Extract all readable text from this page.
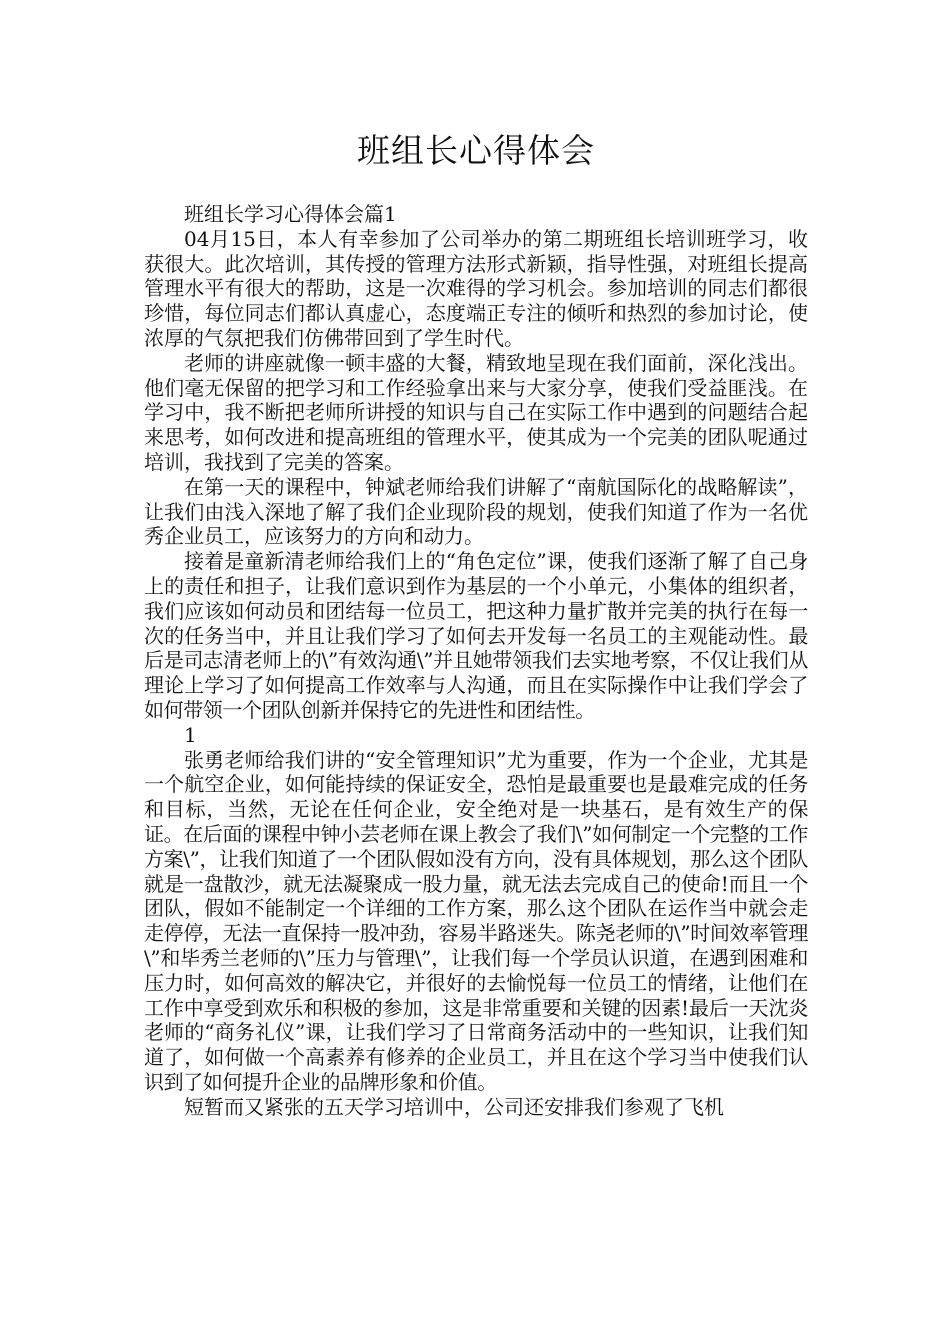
班组长心得体会

班组长学习心得体会篇1

04月15日，本人有幸参加了公司举办的第二期班组长培训班学习，收获很大。此次培训，其传授的管理方法形式新颖，指导性强，对班组长提高管理水平有很大的帮助，这是一次难得的学习机会。参加培训的同志们都很珍惜，每位同志们都认真虚心，态度端正专注的倾听和热烈的参加讨论，使浓厚的气氛把我们仿佛带回到了学生时代。

老师的讲座就像一顿丰盛的大餐，精致地呈现在我们面前，深化浅出。他们毫无保留的把学习和工作经验拿出来与大家分享，使我们受益匪浅。在学习中，我不断把老师所讲授的知识与自己在实际工作中遇到的问题结合起来思考，如何改进和提高班组的管理水平，使其成为一个完美的团队呢通过培训，我找到了完美的答案。

在第一天的课程中，钟斌老师给我们讲解了“南航国际化的战略解读”，让我们由浅入深地了解了我们企业现阶段的规划，使我们知道了作为一名优秀企业员工，应该努力的方向和动力。

接着是童新清老师给我们上的“角色定位”课，使我们逐渐了解了自己身上的责任和担子，让我们意识到作为基层的一个小单元，小集体的组织者，我们应该如何动员和团结每一位员工，把这种力量扩散并完美的执行在每一次的任务当中，并且让我们学习了如何去开发每一名员工的主观能动性。最后是司志清老师上的\”有效沟通\”并且她带领我们去实地考察，不仅让我们从理论上学习了如何提高工作效率与人沟通，而且在实际操作中让我们学会了如何带领一个团队创新并保持它的先进性和团结性。

1

张勇老师给我们讲的“安全管理知识”尤为重要，作为一个企业，尤其是一个航空企业，如何能持续的保证安全，恐怕是最重要也是最难完成的任务和目标，当然，无论在任何企业，安全绝对是一块基石，是有效生产的保证。在后面的课程中钟小芸老师在课上教会了我们\”如何制定一个完整的工作方案\”，让我们知道了一个团队假如没有方向，没有具体规划，那么这个团队就是一盘散沙，就无法凝聚成一股力量，就无法去完成自己的使命!而且一个团队，假如不能制定一个详细的工作方案，那么这个团队在运作当中就会走走停停，无法一直保持一股冲劲，容易半路迷失。陈尧老师的\”时间效率管理\”和毕秀兰老师的\”压力与管理\”，让我们每一个学员认识道，在遇到困难和压力时，如何高效的解决它，并很好的去愉悦每一位员工的情绪，让他们在工作中享受到欢乐和积极的参加，这是非常重要和关键的因素!最后一天沈炎老师的“商务礼仪”课，让我们学习了日常商务活动中的一些知识，让我们知道了，如何做一个高素养有修养的企业员工，并且在这个学习当中使我们认识到了如何提升企业的品牌形象和价值。

短暂而又紧张的五天学习培训中，公司还安排我们参观了飞机
